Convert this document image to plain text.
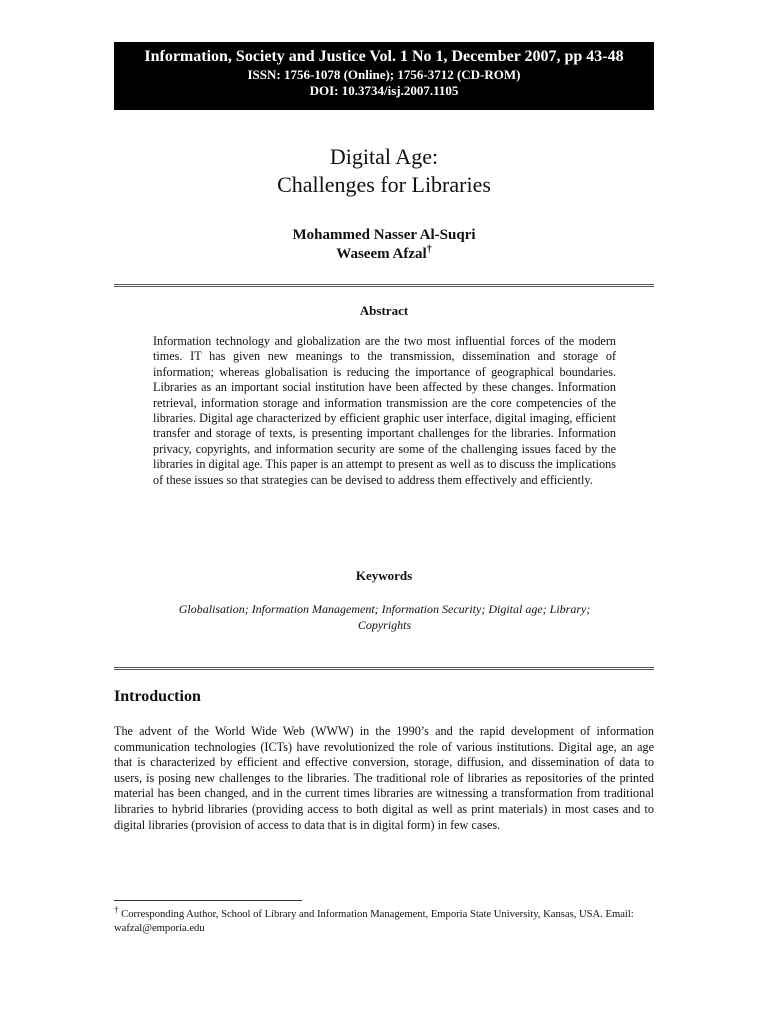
Information, Society and Justice Vol. 1 No 1, December 2007, pp 43-48
ISSN: 1756-1078 (Online); 1756-3712 (CD-ROM)
DOI: 10.3734/isj.2007.1105
Digital Age:
Challenges for Libraries
Mohammed Nasser Al-Suqri
Waseem Afzal†
Abstract
Information technology and globalization are the two most influential forces of the modern times. IT has given new meanings to the transmission, dissemination and storage of information; whereas globalisation is reducing the importance of geographical boundaries. Libraries as an important social institution have been affected by these changes. Information retrieval, information storage and information transmission are the core competencies of the libraries. Digital age characterized by efficient graphic user interface, digital imaging, efficient transfer and storage of texts, is presenting important challenges for the libraries. Information privacy, copyrights, and information security are some of the challenging issues faced by the libraries in digital age. This paper is an attempt to present as well as to discuss the implications of these issues so that strategies can be devised to address them effectively and efficiently.
Keywords
Globalisation; Information Management; Information Security; Digital age; Library; Copyrights
Introduction
The advent of the World Wide Web (WWW) in the 1990’s and the rapid development of information communication technologies (ICTs) have revolutionized the role of various institutions. Digital age, an age that is characterized by efficient and effective conversion, storage, diffusion, and dissemination of data to users, is posing new challenges to the libraries. The traditional role of libraries as repositories of the printed material has been changed, and in the current times libraries are witnessing a transformation from traditional libraries to hybrid libraries (providing access to both digital as well as print materials) in most cases and to digital libraries (provision of access to data that is in digital form) in few cases.
† Corresponding Author, School of Library and Information Management, Emporia State University, Kansas, USA. Email: wafzal@emporia.edu
